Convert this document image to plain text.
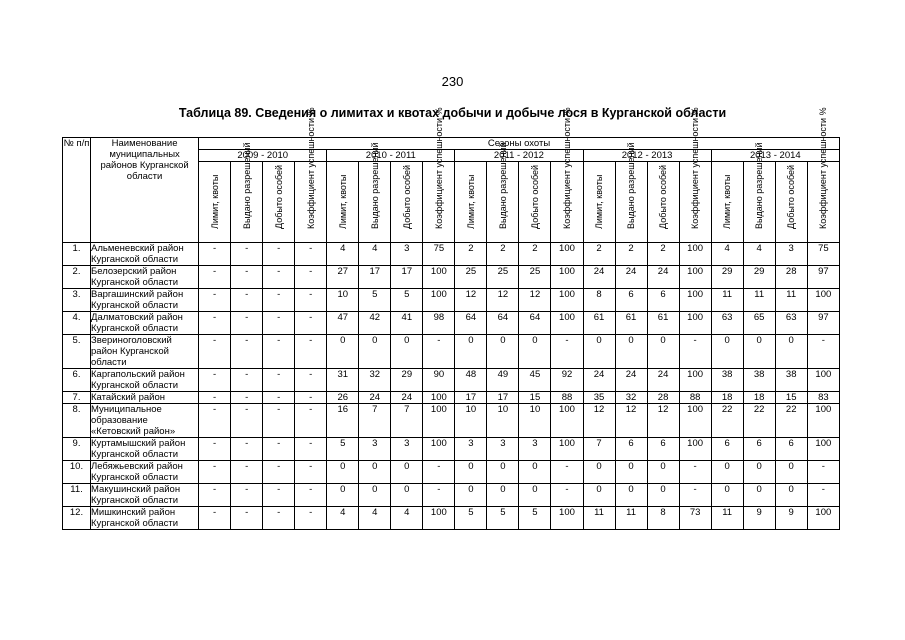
230
Таблица 89. Сведения о лимитах и квотах добычи и добыче лося в Курганской области
№ п/п	Наименование муниципальных районов Курганской области	Сезоны охоты																			
		2009 - 2010				2010 - 2011				2011 - 2012				2012 - 2013				2013 - 2014			

		Лимит, квоты	Выдано разрешений	Добыто особей	Коэффициент успешности %	Лимит, квоты	Выдано разрешений	Добыто особей	Коэффициент успешности %	Лимит, квоты	Выдано разрешений	Добыто особей	Коэффициент успешности %	Лимит, квоты	Выдано разрешений	Добыто особей	Коэффициент успешности %	Лимит, квоты	Выдано разрешений	Добыто особей	Коэффициент успешности %

1.	Альменевский район Курганской области	-	-	-	-	4	4	3	75	2	2	2	100	2	2	2	100	4	4	3	75
2.	Белозерский район Курганской области	-	-	-	-	27	17	17	100	25	25	25	100	24	24	24	100	29	29	28	97
3.	Варгашинский район Курганской области	-	-	-	-	10	5	5	100	12	12	12	100	8	6	6	100	11	11	11	100
4.	Далматовский район Курганской области	-	-	-	-	47	42	41	98	64	64	64	100	61	61	61	100	63	65	63	97
5.	Звериноголовский район Курганской области	-	-	-	-	0	0	0	-	0	0	0	-	0	0	0	-	0	0	0	-
6.	Каргапольский район Курганской области	-	-	-	-	31	32	29	90	48	49	45	92	24	24	24	100	38	38	38	100
7.	Катайский район	-	-	-	-	26	24	24	100	17	17	15	88	35	32	28	88	18	18	15	83
8.	Муниципальное образование «Кетовский район»	-	-	-	-	16	7	7	100	10	10	10	100	12	12	12	100	22	22	22	100
9.	Куртамышский район Курганской области	-	-	-	-	5	3	3	100	3	3	3	100	7	6	6	100	6	6	6	100
10.	Лебяжьевский район Курганской области	-	-	-	-	0	0	0	-	0	0	0	-	0	0	0	-	0	0	0	-
11.	Макушинский район Курганской области	-	-	-	-	0	0	0	-	0	0	0	-	0	0	0	-	0	0	0	-
12.	Мишкинский район Курганской области	-	-	-	-	4	4	4	100	5	5	5	100	11	11	8	73	11	9	9	100
